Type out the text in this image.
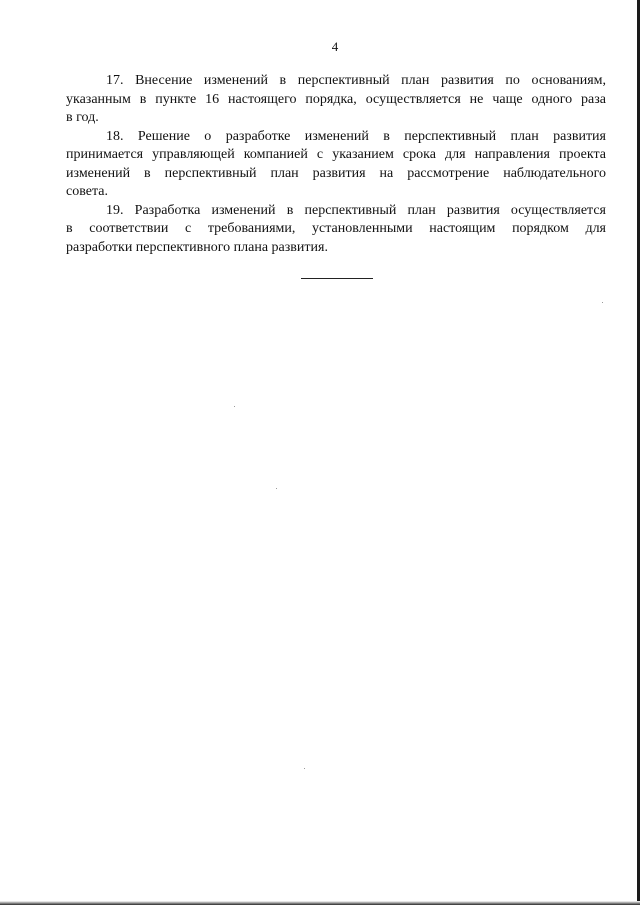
4

17. Внесение изменений в перспективный план развития по основаниям,
указанным в пункте 16 настоящего порядка, осуществляется не чаще одного раза
в год.

18. Решение о разработке изменений в перспективный план развития
принимается управляющей компанией с указанием срока для направления проекта
изменений в перспективный план развития на рассмотрение наблюдательного
совета.

19. Разработка изменений в перспективный план развития осуществляется
в соответствии с требованиями, установленными настоящим порядком для
разработки перспективного плана развития.
